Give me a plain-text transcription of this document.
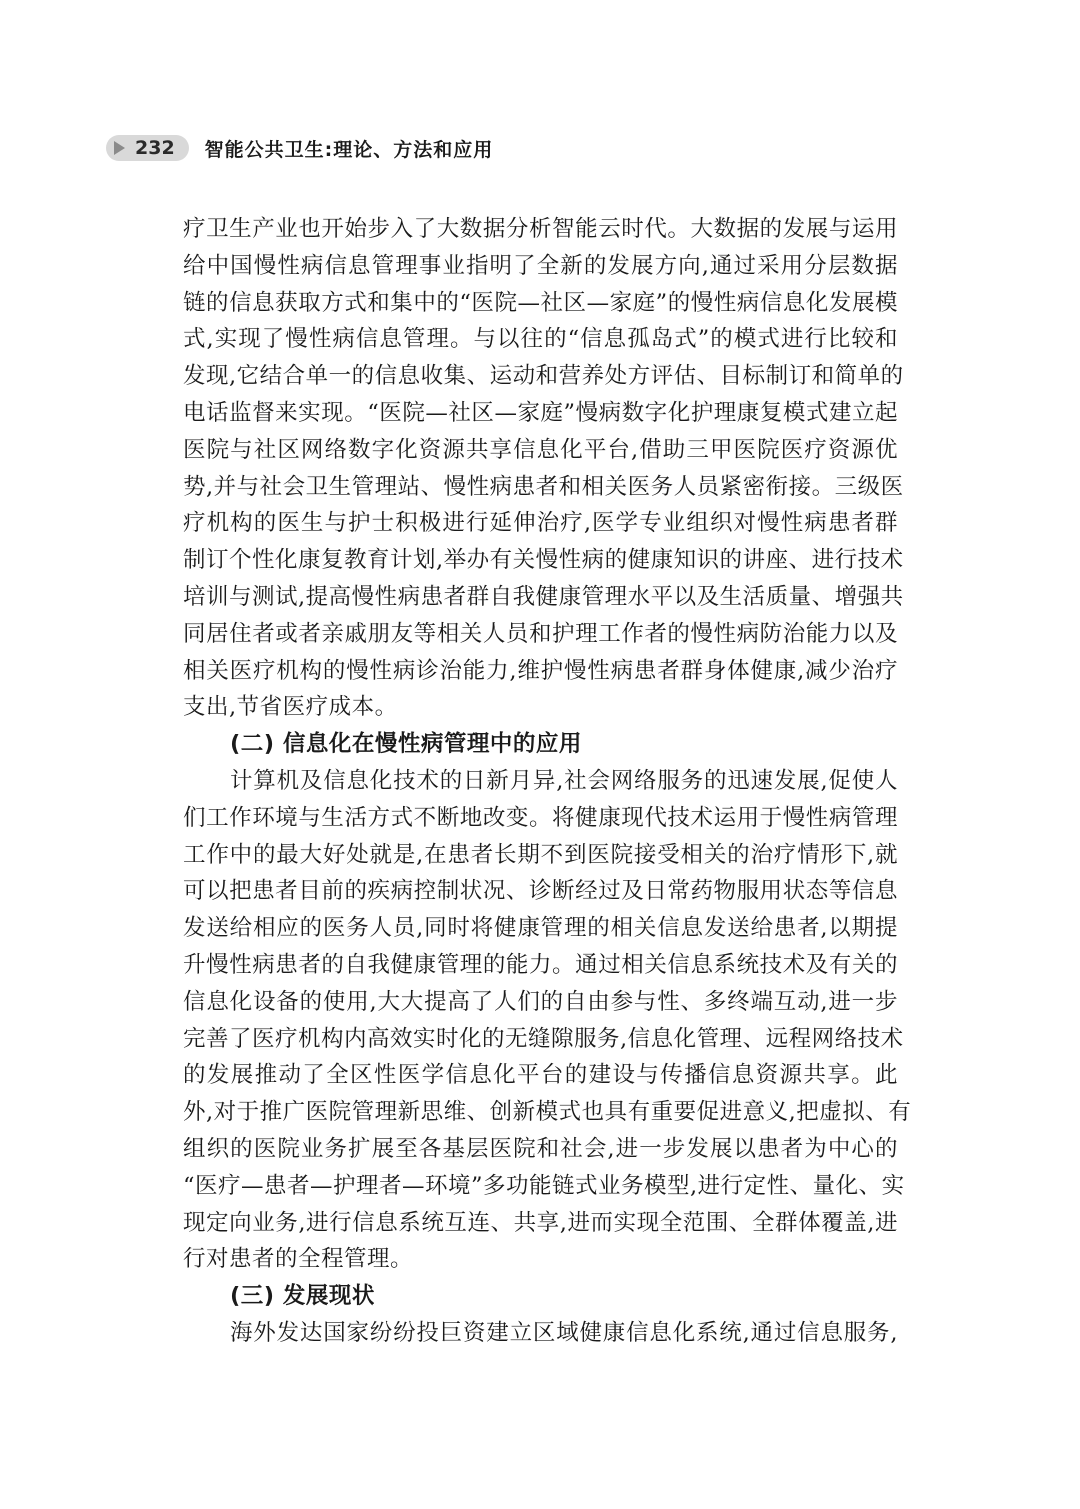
232 智能公共卫生:理论、方法和应用
疗卫生产业也开始步入了大数据分析智能云时代。大数据的发展与运用
给中国慢性病信息管理事业指明了全新的发展方向,通过采用分层数据
链的信息获取方式和集中的“医院—社区—家庭”的慢性病信息化发展模
式,实现了慢性病信息管理。与以往的“信息孤岛式”的模式进行比较和
发现,它结合单一的信息收集、运动和营养处方评估、目标制订和简单的
电话监督来实现。“医院—社区—家庭”慢病数字化护理康复模式建立起
医院与社区网络数字化资源共享信息化平台,借助三甲医院医疗资源优
势,并与社会卫生管理站、慢性病患者和相关医务人员紧密衔接。三级医
疗机构的医生与护士积极进行延伸治疗,医学专业组织对慢性病患者群
制订个性化康复教育计划,举办有关慢性病的健康知识的讲座、进行技术
培训与测试,提高慢性病患者群自我健康管理水平以及生活质量、增强共
同居住者或者亲戚朋友等相关人员和护理工作者的慢性病防治能力以及
相关医疗机构的慢性病诊治能力,维护慢性病患者群身体健康,减少治疗
支出,节省医疗成本。
(二) 信息化在慢性病管理中的应用
计算机及信息化技术的日新月异,社会网络服务的迅速发展,促使人
们工作环境与生活方式不断地改变。将健康现代技术运用于慢性病管理
工作中的最大好处就是,在患者长期不到医院接受相关的治疗情形下,就
可以把患者目前的疾病控制状况、诊断经过及日常药物服用状态等信息
发送给相应的医务人员,同时将健康管理的相关信息发送给患者,以期提
升慢性病患者的自我健康管理的能力。通过相关信息系统技术及有关的
信息化设备的使用,大大提高了人们的自由参与性、多终端互动,进一步
完善了医疗机构内高效实时化的无缝隙服务,信息化管理、远程网络技术
的发展推动了全区性医学信息化平台的建设与传播信息资源共享。此
外,对于推广医院管理新思维、创新模式也具有重要促进意义,把虚拟、有
组织的医院业务扩展至各基层医院和社会,进一步发展以患者为中心的
“医疗—患者—护理者—环境”多功能链式业务模型,进行定性、量化、实
现定向业务,进行信息系统互连、共享,进而实现全范围、全群体覆盖,进
行对患者的全程管理。
(三) 发展现状
海外发达国家纷纷投巨资建立区域健康信息化系统,通过信息服务,
